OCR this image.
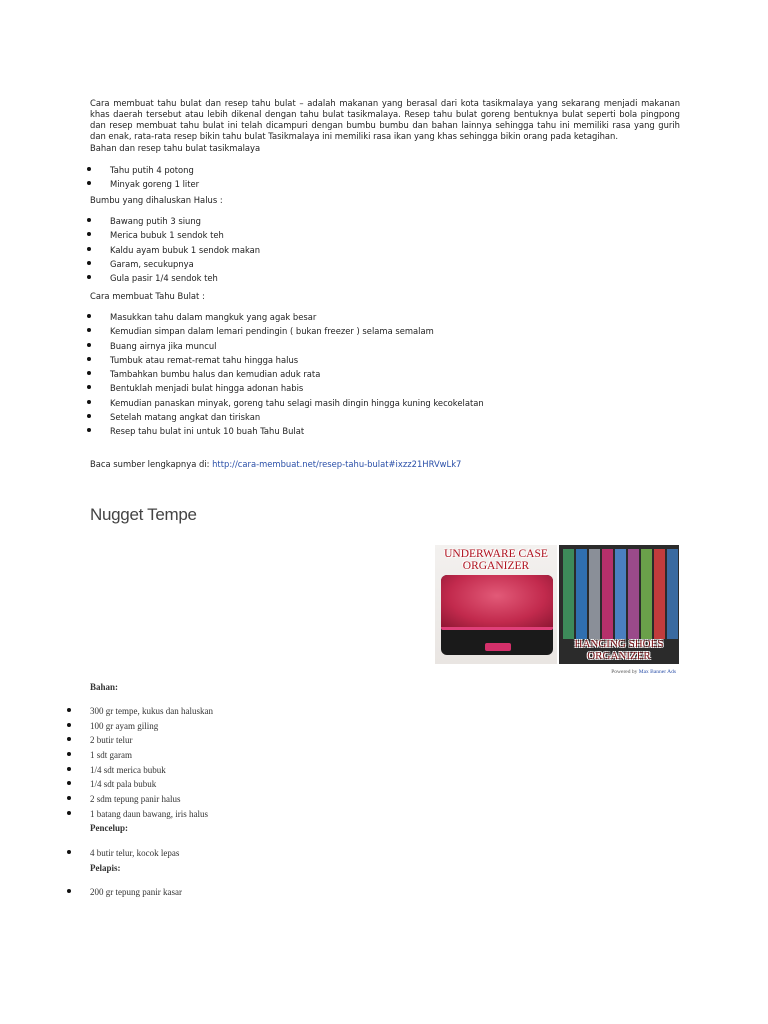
Cara membuat tahu bulat dan resep tahu bulat – adalah makanan yang berasal dari kota tasikmalaya yang sekarang menjadi makanan khas daerah tersebut atau lebih dikenal dengan tahu bulat tasikmalaya. Resep tahu bulat goreng bentuknya bulat seperti bola pingpong dan resep membuat tahu bulat ini telah dicampuri dengan bumbu bumbu dan bahan lainnya sehingga tahu ini memiliki rasa yang gurih dan enak, rata-rata resep bikin tahu bulat Tasikmalaya ini memiliki rasa ikan yang khas sehingga bikin orang pada ketagihan.
Bahan dan resep tahu bulat tasikmalaya
Tahu putih 4 potong
Minyak goreng 1 liter
Bumbu yang dihaluskan Halus :
Bawang putih 3 siung
Merica bubuk 1 sendok teh
Kaldu ayam bubuk 1 sendok makan
Garam, secukupnya
Gula pasir 1/4 sendok teh
Cara membuat Tahu Bulat :
Masukkan tahu dalam mangkuk yang agak besar
Kemudian simpan dalam lemari pendingin ( bukan freezer ) selama semalam
Buang airnya jika muncul
Tumbuk atau remat-remat tahu hingga halus
Tambahkan bumbu halus dan kemudian aduk rata
Bentuklah menjadi bulat hingga adonan habis
Kemudian panaskan minyak, goreng tahu selagi masih dingin hingga kuning kecokelatan
Setelah matang angkat dan tiriskan
Resep tahu bulat ini untuk 10 buah Tahu Bulat
Baca sumber lengkapnya di: http://cara-membuat.net/resep-tahu-bulat#ixzz21HRVwLk7
Nugget Tempe
UNDERWARE CASE
ORGANIZER
HANGING SHOES
ORGANIZER
Powered by Max Banner Ads
Bahan:
300 gr tempe, kukus dan haluskan
100 gr ayam giling
2 butir telur
1 sdt garam
1/4 sdt merica bubuk
1/4 sdt pala bubuk
2 sdm tepung panir halus
1 batang daun bawang, iris halus
Pencelup:
4 butir telur, kocok lepas
Pelapis:
200 gr tepung panir kasar
